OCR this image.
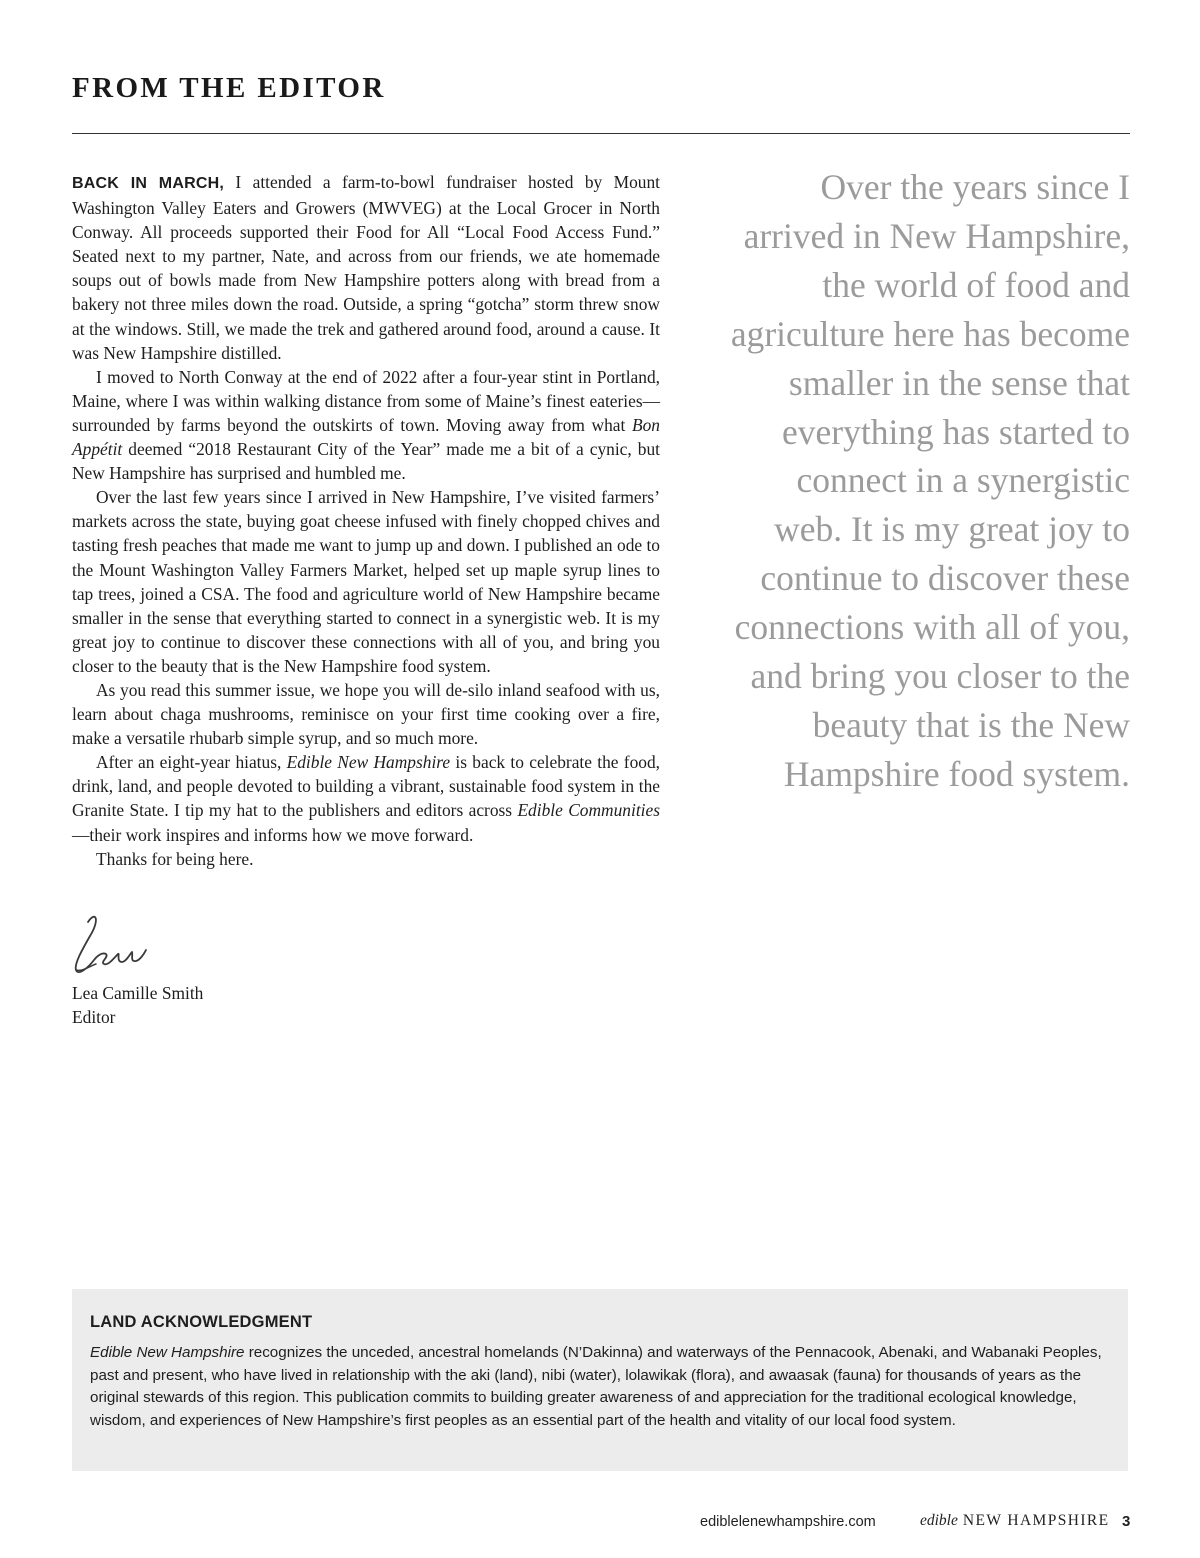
FROM THE EDITOR

BACK IN MARCH, I attended a farm-to-bowl fundraiser hosted by Mount Washington Valley Eaters and Growers (MWVEG) at the Local Grocer in North Conway. All proceeds supported their Food for All “Local Food Access Fund.” Seated next to my partner, Nate, and across from our friends, we ate homemade soups out of bowls made from New Hampshire potters along with bread from a bakery not three miles down the road. Outside, a spring “gotcha” storm threw snow at the windows. Still, we made the trek and gathered around food, around a cause. It was New Hampshire distilled.

I moved to North Conway at the end of 2022 after a four-year stint in Portland, Maine, where I was within walking distance from some of Maine’s finest eateries—surrounded by farms beyond the outskirts of town. Moving away from what Bon Appétit deemed “2018 Restaurant City of the Year” made me a bit of a cynic, but New Hampshire has surprised and humbled me.

Over the last few years since I arrived in New Hampshire, I’ve visited farmers’ markets across the state, buying goat cheese infused with finely chopped chives and tasting fresh peaches that made me want to jump up and down. I published an ode to the Mount Washington Valley Farmers Market, helped set up maple syrup lines to tap trees, joined a CSA. The food and agriculture world of New Hampshire became smaller in the sense that everything started to connect in a synergistic web. It is my great joy to continue to discover these connections with all of you, and bring you closer to the beauty that is the New Hampshire food system.

As you read this summer issue, we hope you will de-silo inland seafood with us, learn about chaga mushrooms, reminisce on your first time cooking over a fire, make a versatile rhubarb simple syrup, and so much more.

After an eight-year hiatus, Edible New Hampshire is back to celebrate the food, drink, land, and people devoted to building a vibrant, sustainable food system in the Granite State. I tip my hat to the publishers and editors across Edible Communities—their work inspires and informs how we move forward.

Thanks for being here.

Over the years since I arrived in New Hampshire, the world of food and agriculture here has become smaller in the sense that everything has started to connect in a synergistic web. It is my great joy to continue to discover these connections with all of you, and bring you closer to the beauty that is the New Hampshire food system.

Lea Camille Smith
Editor
LAND ACKNOWLEDGMENT

Edible New Hampshire recognizes the unceded, ancestral homelands (N’Dakinna) and waterways of the Pennacook, Abenaki, and Wabanaki Peoples, past and present, who have lived in relationship with the aki (land), nibi (water), lolawikak (flora), and awaasak (fauna) for thousands of years as the original stewards of this region. This publication commits to building greater awareness of and appreciation for the traditional ecological knowledge, wisdom, and experiences of New Hampshire’s first peoples as an essential part of the health and vitality of our local food system.

ediblelenewhampshire.com	edible NEW HAMPSHIRE 3
